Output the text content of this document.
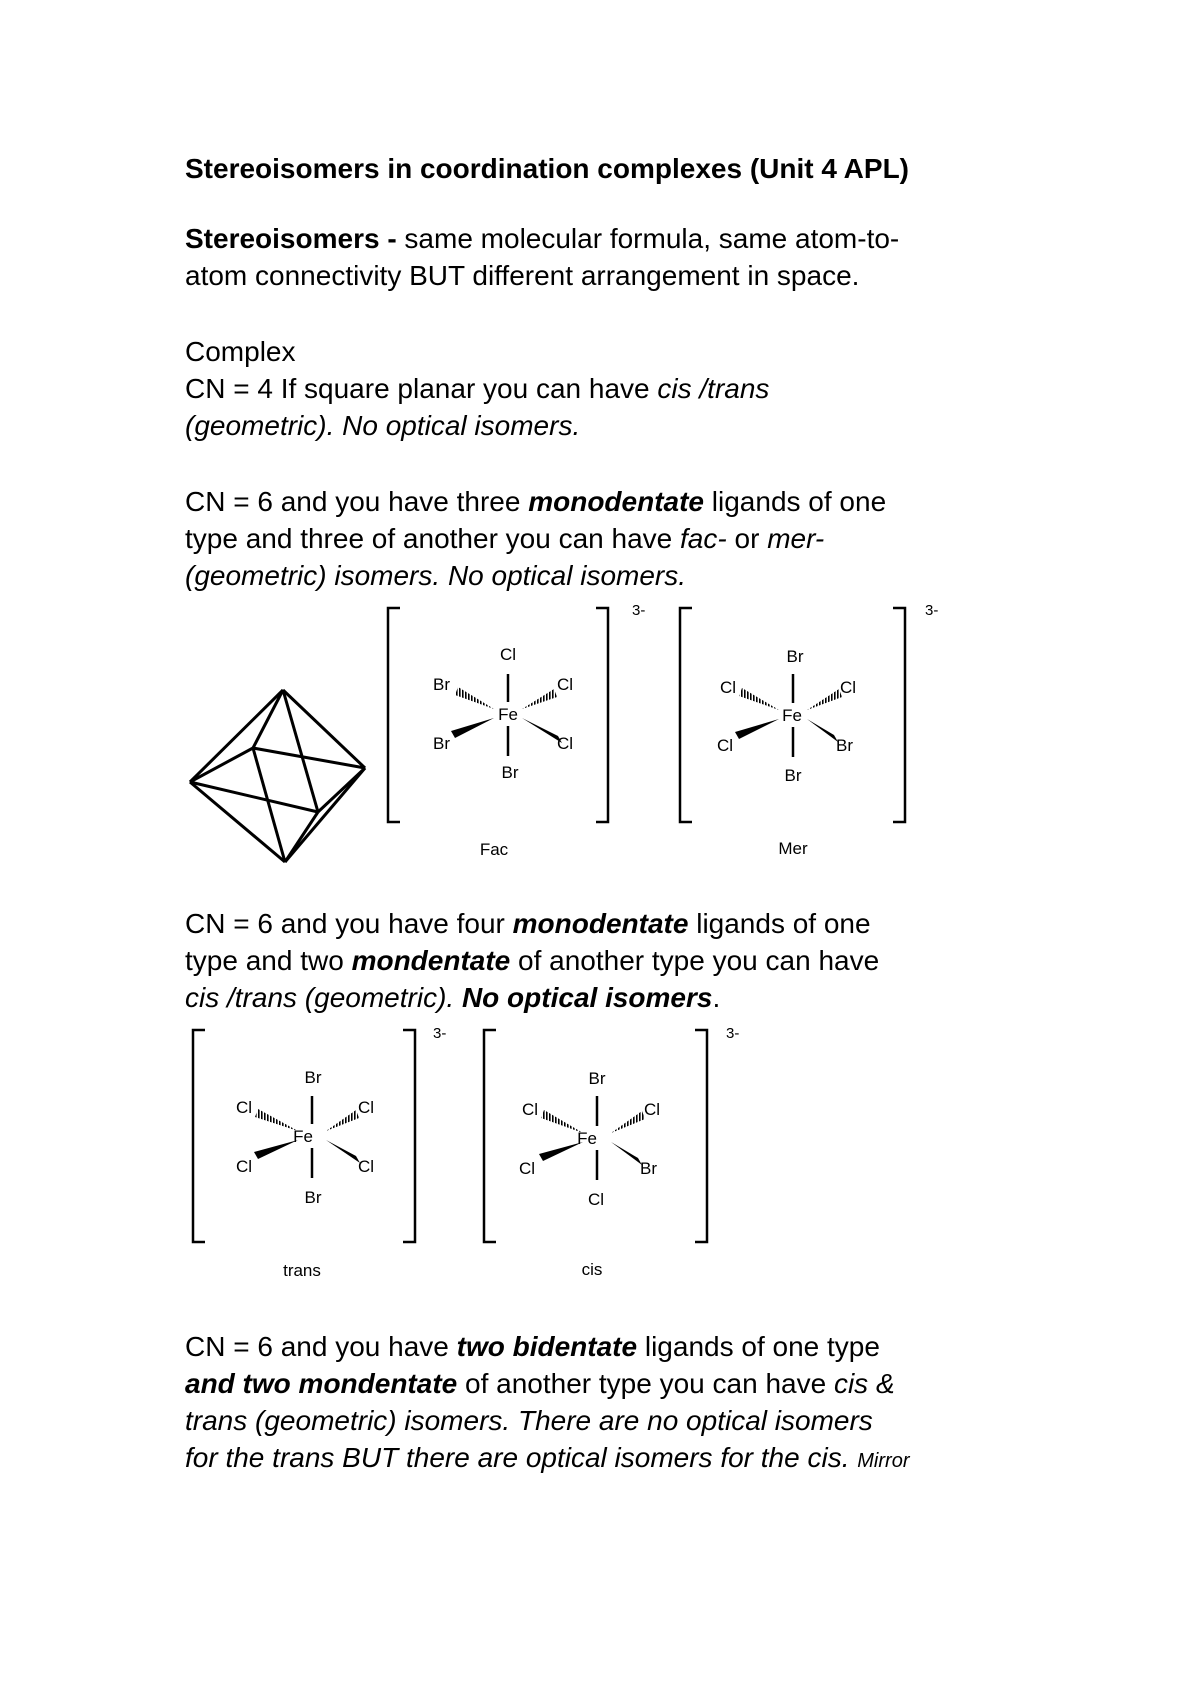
Stereoisomers in coordination complexes (Unit 4 APL)
Stereoisomers - same molecular formula, same atom-to-
atom connectivity BUT different arrangement in space.
Complex
CN = 4 If square planar you can have cis /trans
(geometric). No optical isomers.
CN = 6 and you have three monodentate ligands of one
type and three of another you can have fac- or mer-
(geometric) isomers. No optical isomers.
CN = 6 and you have four monodentate ligands of one
type and two mondentate of another type you can have
cis /trans (geometric). No optical isomers.
CN = 6 and you have two bidentate ligands of one type
and two mondentate of another type you can have cis &
trans (geometric) isomers. There are no optical isomers
for the trans BUT there are optical isomers for the cis. Mirror
3-
Fe
Cl
Br
Br	Cl
Br	Cl
Fac
3-
Fe
Br
Br
Cl	Cl
Cl	Br
Mer
3-
Fe
Br
Br
Cl	Cl
Cl	Cl
trans
3-
Fe
Br
Cl
Cl	Cl
Cl	Br
cis
